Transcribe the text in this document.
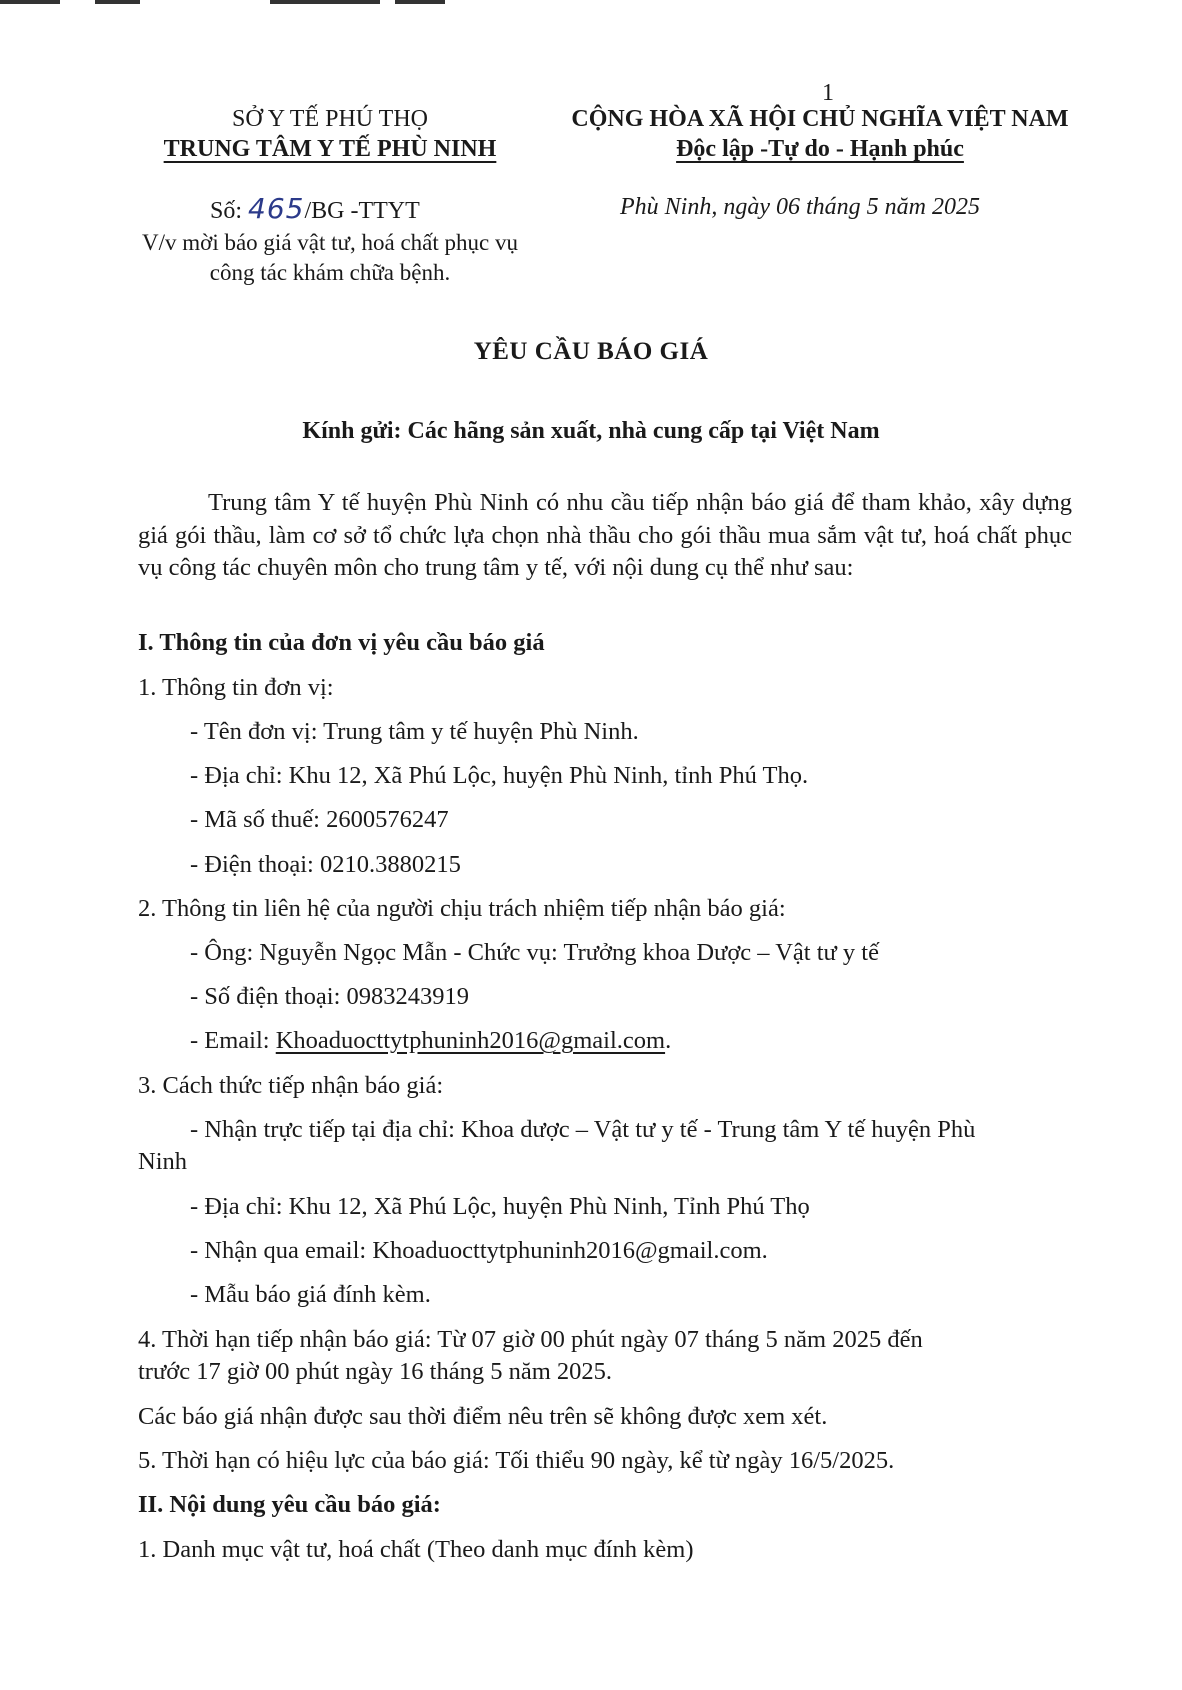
1
SỞ Y TẾ PHÚ THỌ
TRUNG TÂM Y TẾ PHÙ NINH
CỘNG HÒA XÃ HỘI CHỦ NGHĨA VIỆT NAM
Độc lập -Tự do - Hạnh phúc
Số: 465/BG -TTYT	Phù Ninh, ngày 06 tháng 5 năm 2025
V/v mời báo giá vật tư, hoá chất phục vụ
công tác khám chữa bệnh.
YÊU CẦU BÁO GIÁ
Kính gửi: Các hãng sản xuất, nhà cung cấp tại Việt Nam
Trung tâm Y tế huyện Phù Ninh có nhu cầu tiếp nhận báo giá để tham khảo, xây dựng giá gói thầu, làm cơ sở tổ chức lựa chọn nhà thầu cho gói thầu mua sắm vật tư, hoá chất phục vụ công tác chuyên môn cho trung tâm y tế, với nội dung cụ thể như sau:
I. Thông tin của đơn vị yêu cầu báo giá
1. Thông tin đơn vị:
- Tên đơn vị: Trung tâm y tế huyện Phù Ninh.
- Địa chỉ: Khu 12, Xã Phú Lộc, huyện Phù Ninh, tỉnh Phú Thọ.
- Mã số thuế: 2600576247
- Điện thoại: 0210.3880215
2. Thông tin liên hệ của người chịu trách nhiệm tiếp nhận báo giá:
- Ông: Nguyễn Ngọc Mẫn - Chức vụ: Trưởng khoa Dược – Vật tư y tế
- Số điện thoại: 0983243919
- Email: Khoaduocttytphuninh2016@gmail.com.
3. Cách thức tiếp nhận báo giá:
- Nhận trực tiếp tại địa chỉ: Khoa dược – Vật tư y tế - Trung tâm Y tế huyện Phù
Ninh
- Địa chỉ: Khu 12, Xã Phú Lộc, huyện Phù Ninh, Tỉnh Phú Thọ
- Nhận qua email: Khoaduocttytphuninh2016@gmail.com.
- Mẫu báo giá đính kèm.
4. Thời hạn tiếp nhận báo giá: Từ 07 giờ 00 phút ngày 07 tháng 5 năm 2025 đến
trước 17 giờ 00 phút ngày 16 tháng 5 năm 2025.
Các báo giá nhận được sau thời điểm nêu trên sẽ không được xem xét.
5. Thời hạn có hiệu lực của báo giá: Tối thiểu 90 ngày, kể từ ngày 16/5/2025.
II. Nội dung yêu cầu báo giá:
1. Danh mục vật tư, hoá chất (Theo danh mục đính kèm)
